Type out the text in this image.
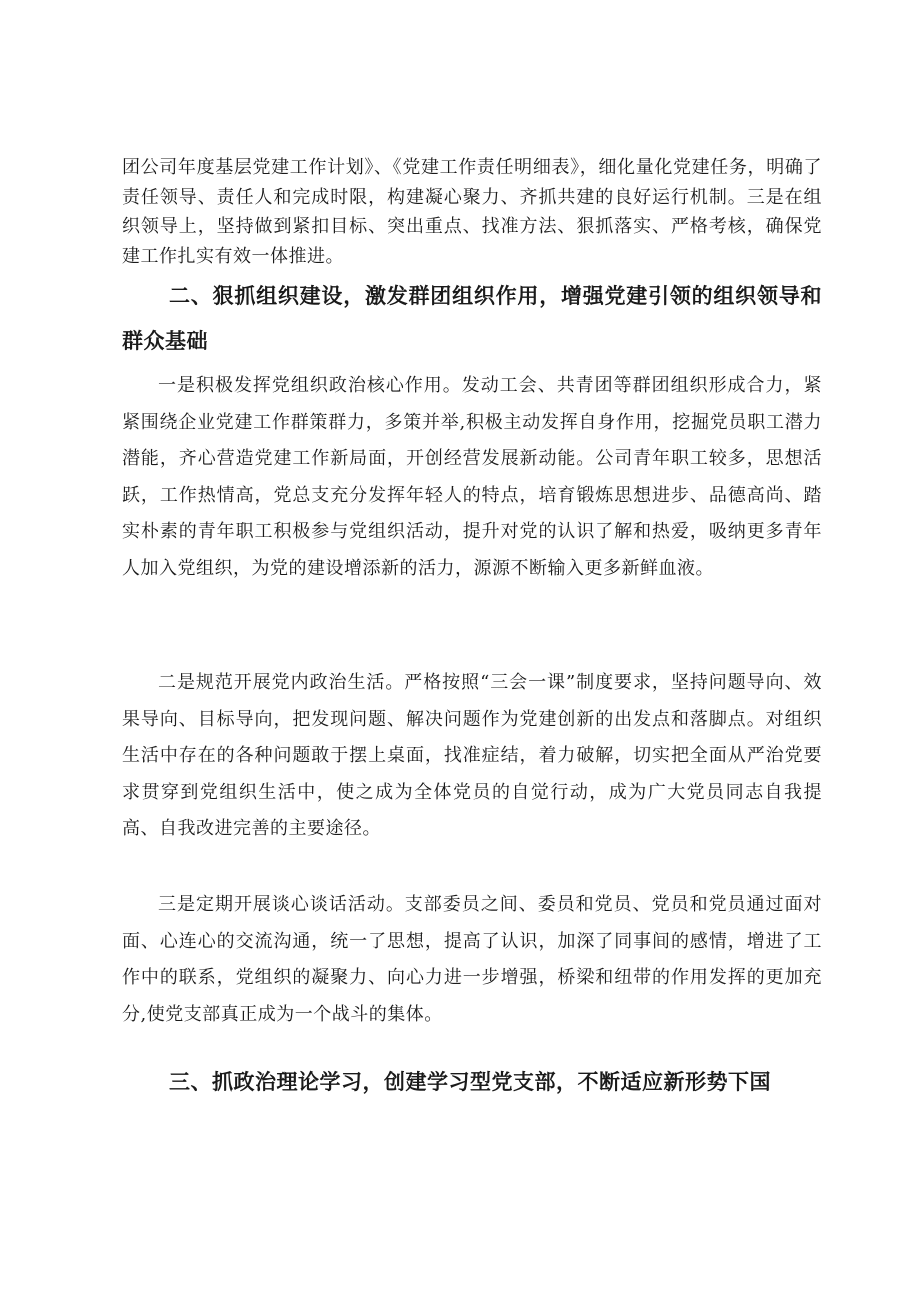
团公司年度基层党建工作计划》、《党建工作责任明细表》，细化量化党建任务，明确了责任领导、责任人和完成时限，构建凝心聚力、齐抓共建的良好运行机制。三是在组织领导上，坚持做到紧扣目标、突出重点、找准方法、狠抓落实、严格考核，确保党建工作扎实有效一体推进。

二、狠抓组织建设，激发群团组织作用，增强党建引领的组织领导和群众基础

一是积极发挥党组织政治核心作用。发动工会、共青团等群团组织形成合力，紧紧围绕企业党建工作群策群力，多策并举,积极主动发挥自身作用，挖掘党员职工潜力潜能，齐心营造党建工作新局面，开创经营发展新动能。公司青年职工较多，思想活跃，工作热情高，党总支充分发挥年轻人的特点，培育锻炼思想进步、品德高尚、踏实朴素的青年职工积极参与党组织活动，提升对党的认识了解和热爱，吸纳更多青年人加入党组织，为党的建设增添新的活力，源源不断输入更多新鲜血液。

二是规范开展党内政治生活。严格按照“三会一课”制度要求，坚持问题导向、效果导向、目标导向，把发现问题、解决问题作为党建创新的出发点和落脚点。对组织生活中存在的各种问题敢于摆上桌面，找准症结，着力破解，切实把全面从严治党要求贯穿到党组织生活中，使之成为全体党员的自觉行动，成为广大党员同志自我提高、自我改进完善的主要途径。

三是定期开展谈心谈话活动。支部委员之间、委员和党员、党员和党员通过面对面、心连心的交流沟通，统一了思想，提高了认识，加深了同事间的感情，增进了工作中的联系，党组织的凝聚力、向心力进一步增强，桥梁和纽带的作用发挥的更加充分,使党支部真正成为一个战斗的集体。

三、抓政治理论学习，创建学习型党支部，不断适应新形势下国
